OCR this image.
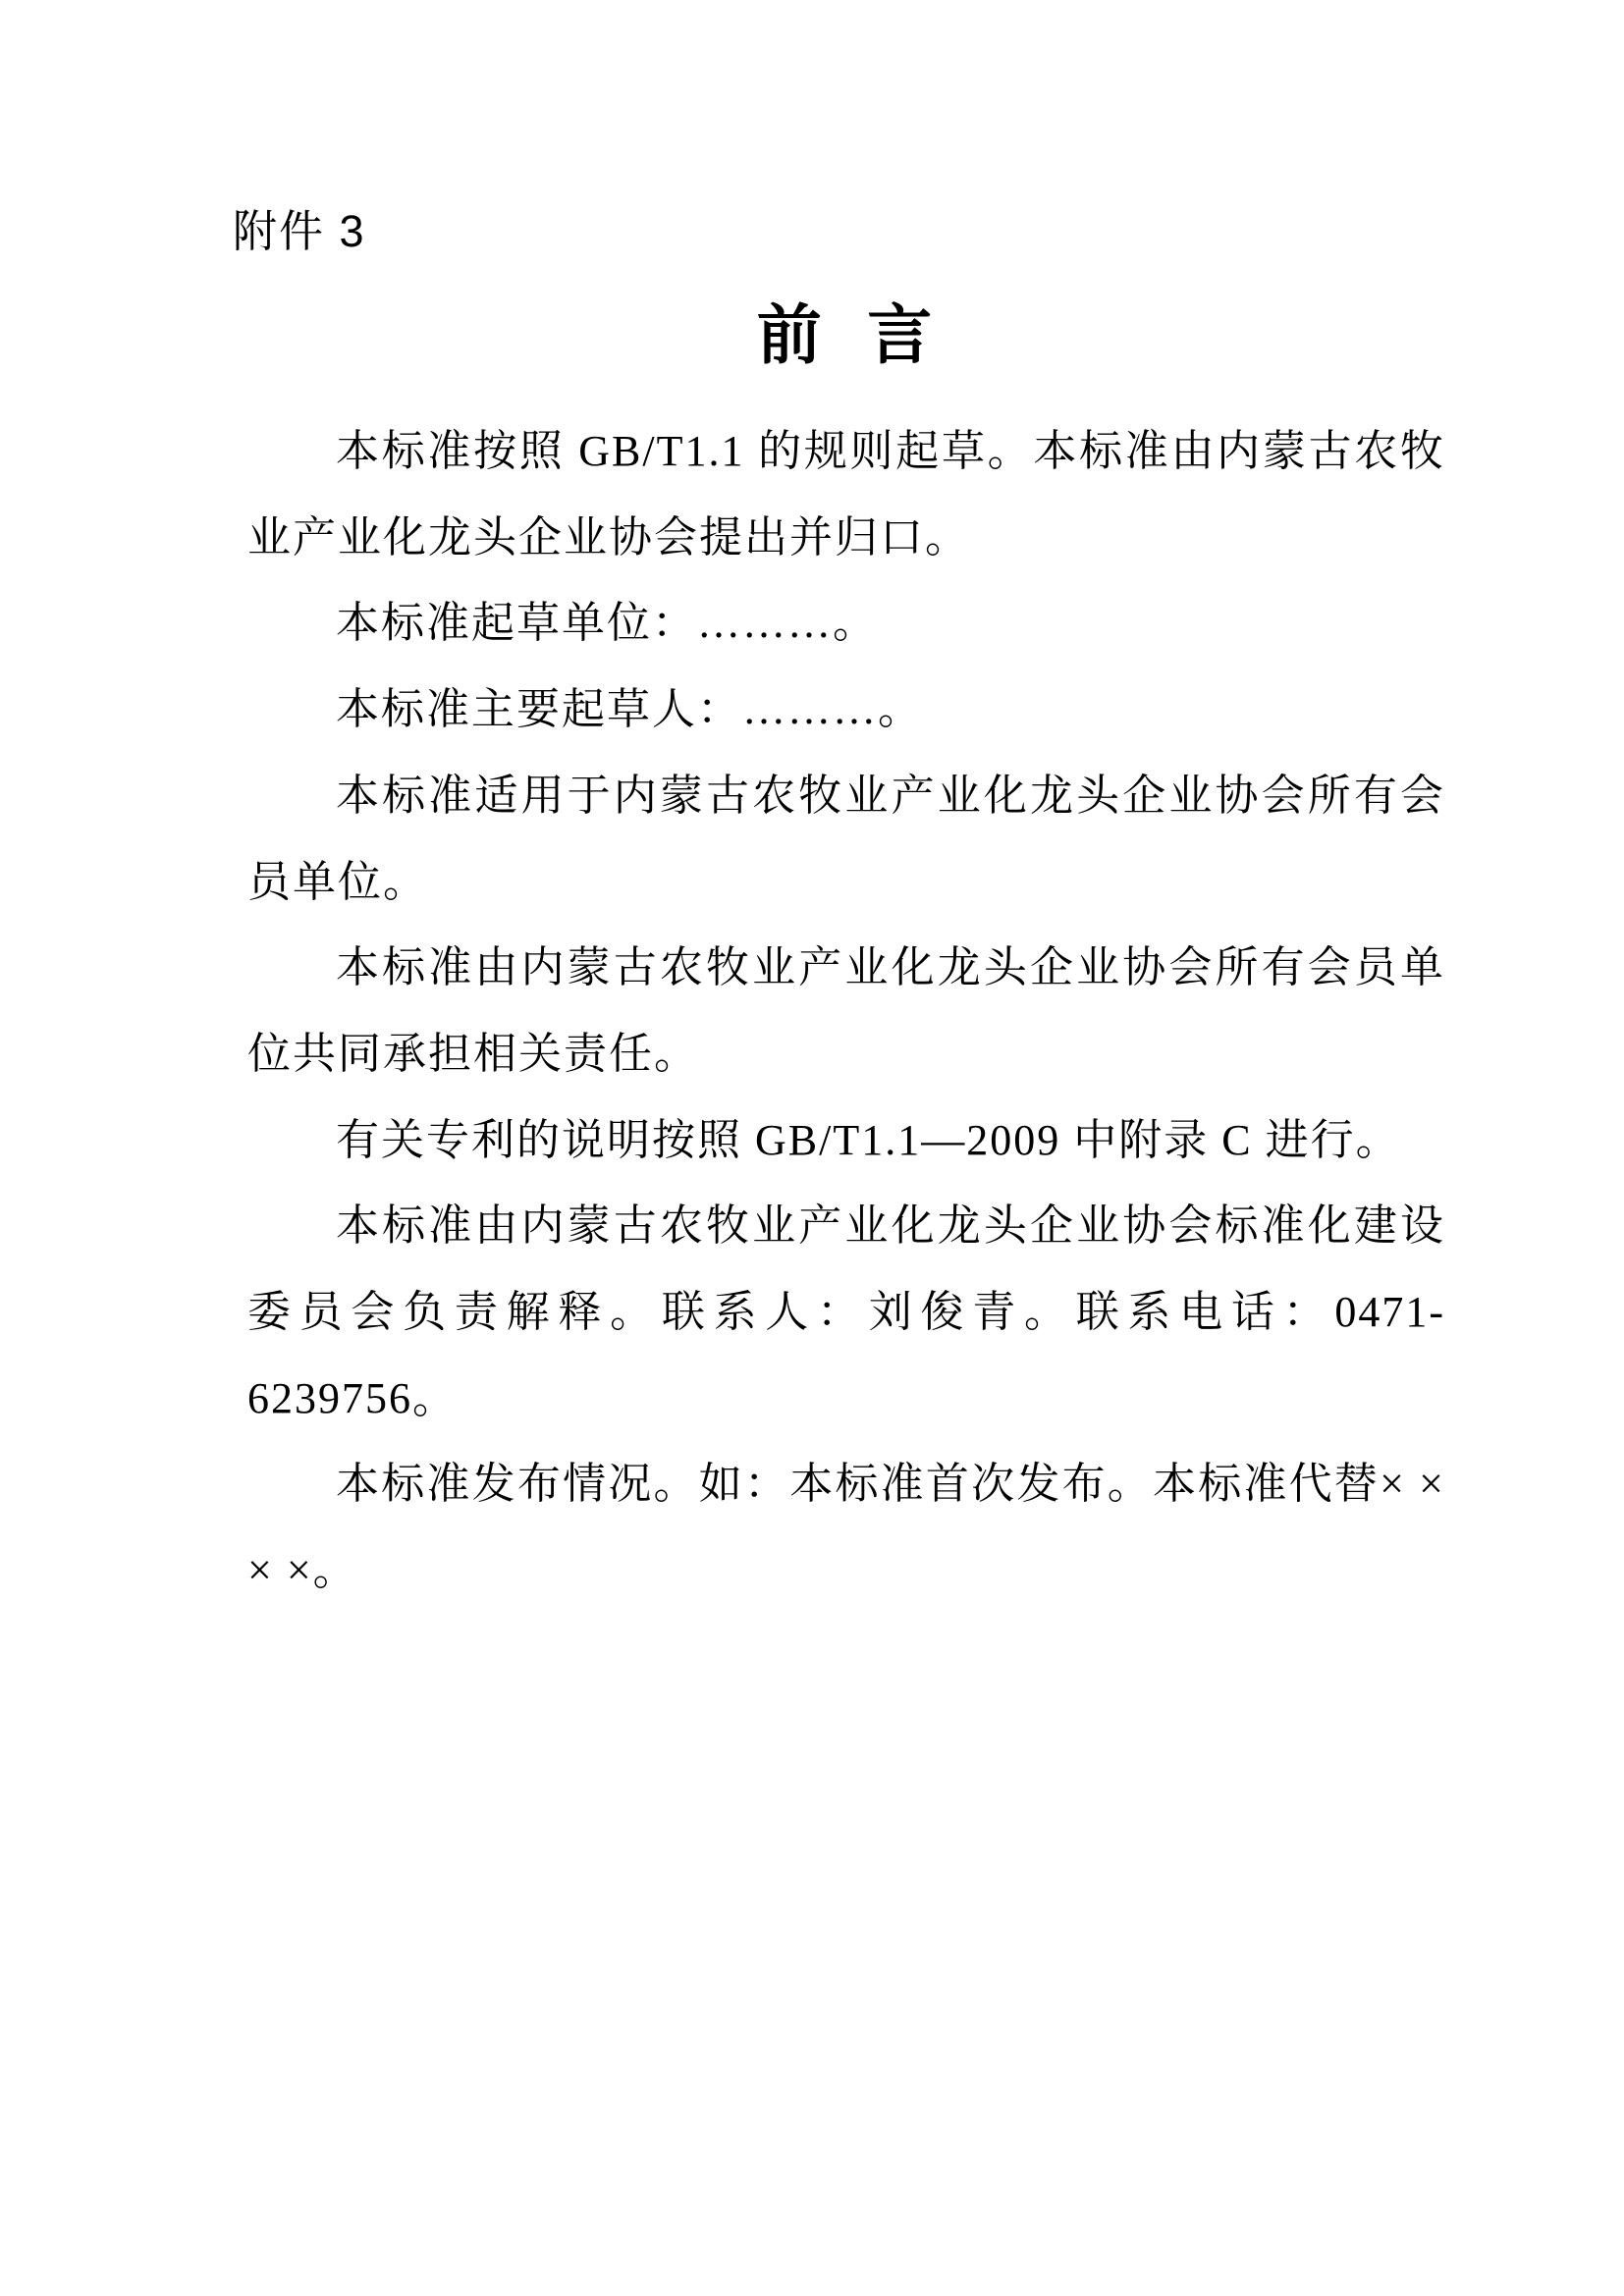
附件 3
前 言

本标准按照 GB/T1.1 的规则起草。本标准由内蒙古农牧业产业化龙头企业协会提出并归口。

本标准起草单位：………。

本标准主要起草人：………。

本标准适用于内蒙古农牧业产业化龙头企业协会所有会员单位。

本标准由内蒙古农牧业产业化龙头企业协会所有会员单位共同承担相关责任。

有关专利的说明按照 GB/T1.1—2009 中附录 C 进行。

本标准由内蒙古农牧业产业化龙头企业协会标准化建设委员会负责解释。联系人：刘俊青。联系电话：0471-6239756。

本标准发布情况。如：本标准首次发布。本标准代替× × × ×。
